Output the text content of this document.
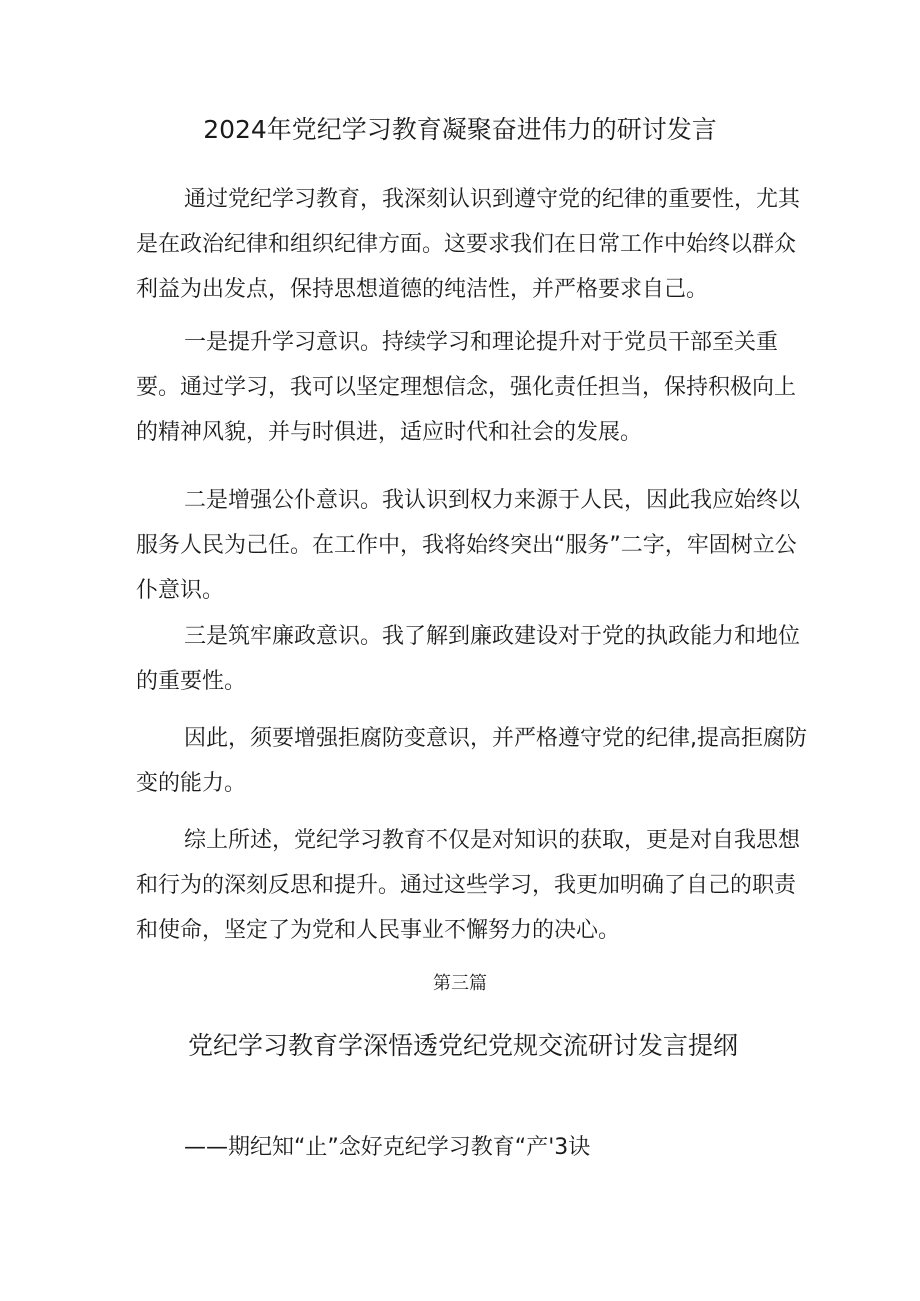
2024年党纪学习教育凝聚奋进伟力的研讨发言

通过党纪学习教育，我深刻认识到遵守党的纪律的重要性，尤其是在政治纪律和组织纪律方面。这要求我们在日常工作中始终以群众利益为出发点，保持思想道德的纯洁性，并严格要求自己。

一是提升学习意识。持续学习和理论提升对于党员干部至关重要。通过学习，我可以坚定理想信念，强化责任担当，保持积极向上的精神风貌，并与时俱进，适应时代和社会的发展。

二是增强公仆意识。我认识到权力来源于人民，因此我应始终以服务人民为己任。在工作中，我将始终突出“服务”二字，牢固树立公仆意识。

三是筑牢廉政意识。我了解到廉政建设对于党的执政能力和地位的重要性。

因此，须要增强拒腐防变意识，并严格遵守党的纪律,提高拒腐防变的能力。

综上所述，党纪学习教育不仅是对知识的获取，更是对自我思想和行为的深刻反思和提升。通过这些学习，我更加明确了自己的职责和使命，坚定了为党和人民事业不懈努力的决心。

第三篇
党纪学习教育学深悟透党纪党规交流研讨发言提纲

——期纪知“止”念好克纪学习教育“产'3诀
